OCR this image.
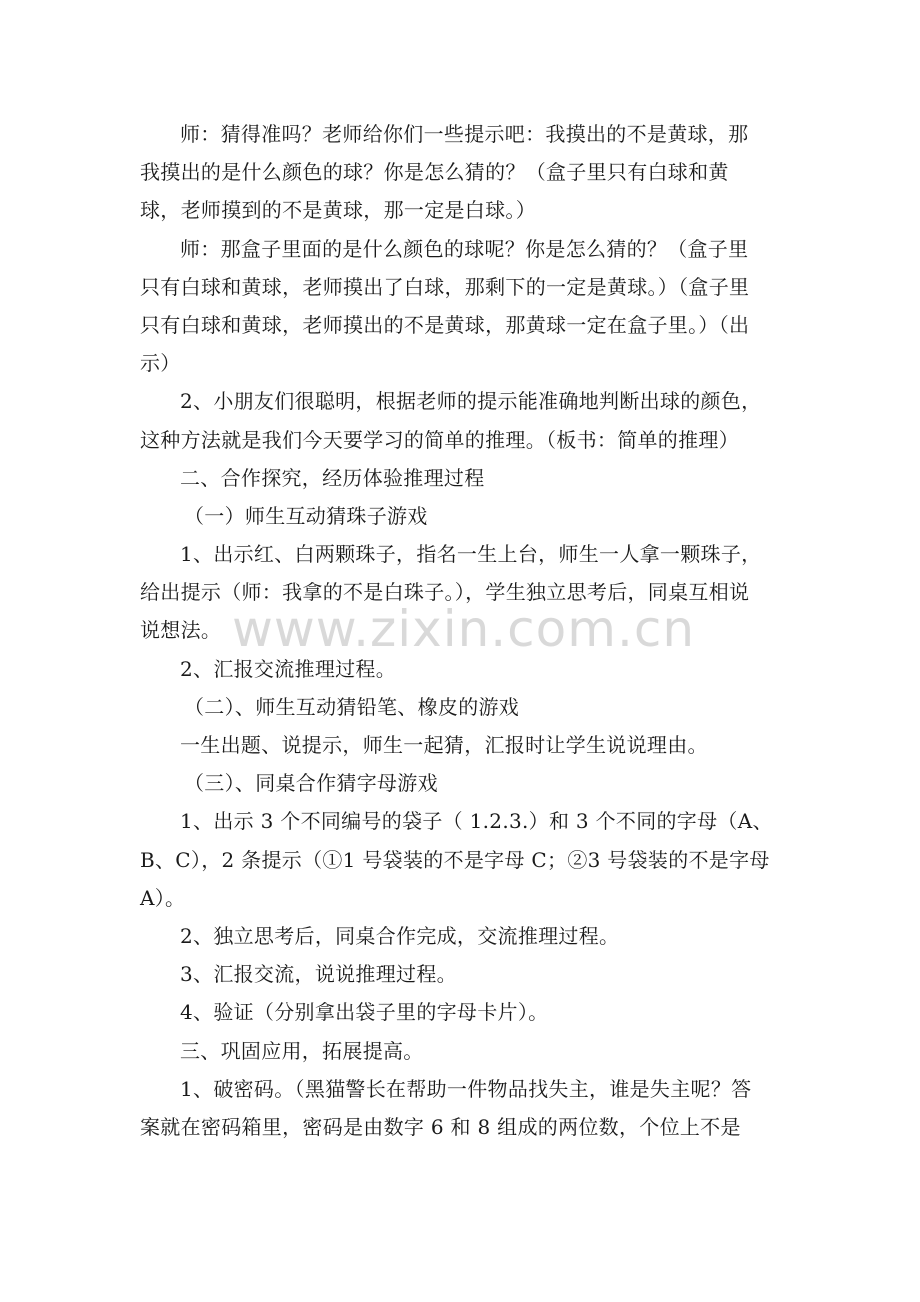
师：猜得准吗？老师给你们一些提示吧：我摸出的不是黄球，那
我摸出的是什么颜色的球？你是怎么猜的？（盒子里只有白球和黄
球，老师摸到的不是黄球，那一定是白球。）
师：那盒子里面的是什么颜色的球呢？你是怎么猜的？（盒子里
只有白球和黄球，老师摸出了白球，那剩下的一定是黄球。）（盒子里
只有白球和黄球，老师摸出的不是黄球，那黄球一定在盒子里。）（出
示）
2、小朋友们很聪明，根据老师的提示能准确地判断出球的颜色，
这种方法就是我们今天要学习的简单的推理。（板书：简单的推理）
二、合作探究，经历体验推理过程
（一）师生互动猜珠子游戏
1、出示红、白两颗珠子，指名一生上台，师生一人拿一颗珠子，
给出提示（师：我拿的不是白珠子。），学生独立思考后，同桌互相说
说想法。
2、汇报交流推理过程。
（二）、师生互动猜铅笔、橡皮的游戏
一生出题、说提示，师生一起猜，汇报时让学生说说理由。
（三）、同桌合作猜字母游戏
1、出示 3 个不同编号的袋子（ 1.2.3.）和 3 个不同的字母（A、
B、C），2 条提示（①1 号袋装的不是字母 C；②3 号袋装的不是字母
A）。
2、独立思考后，同桌合作完成，交流推理过程。
3、汇报交流，说说推理过程。
4、验证（分别拿出袋子里的字母卡片）。
三、巩固应用，拓展提高。
1、破密码。（黑猫警长在帮助一件物品找失主，谁是失主呢？答
案就在密码箱里，密码是由数字 6 和 8 组成的两位数，个位上不是
www.zixin.com.cn
